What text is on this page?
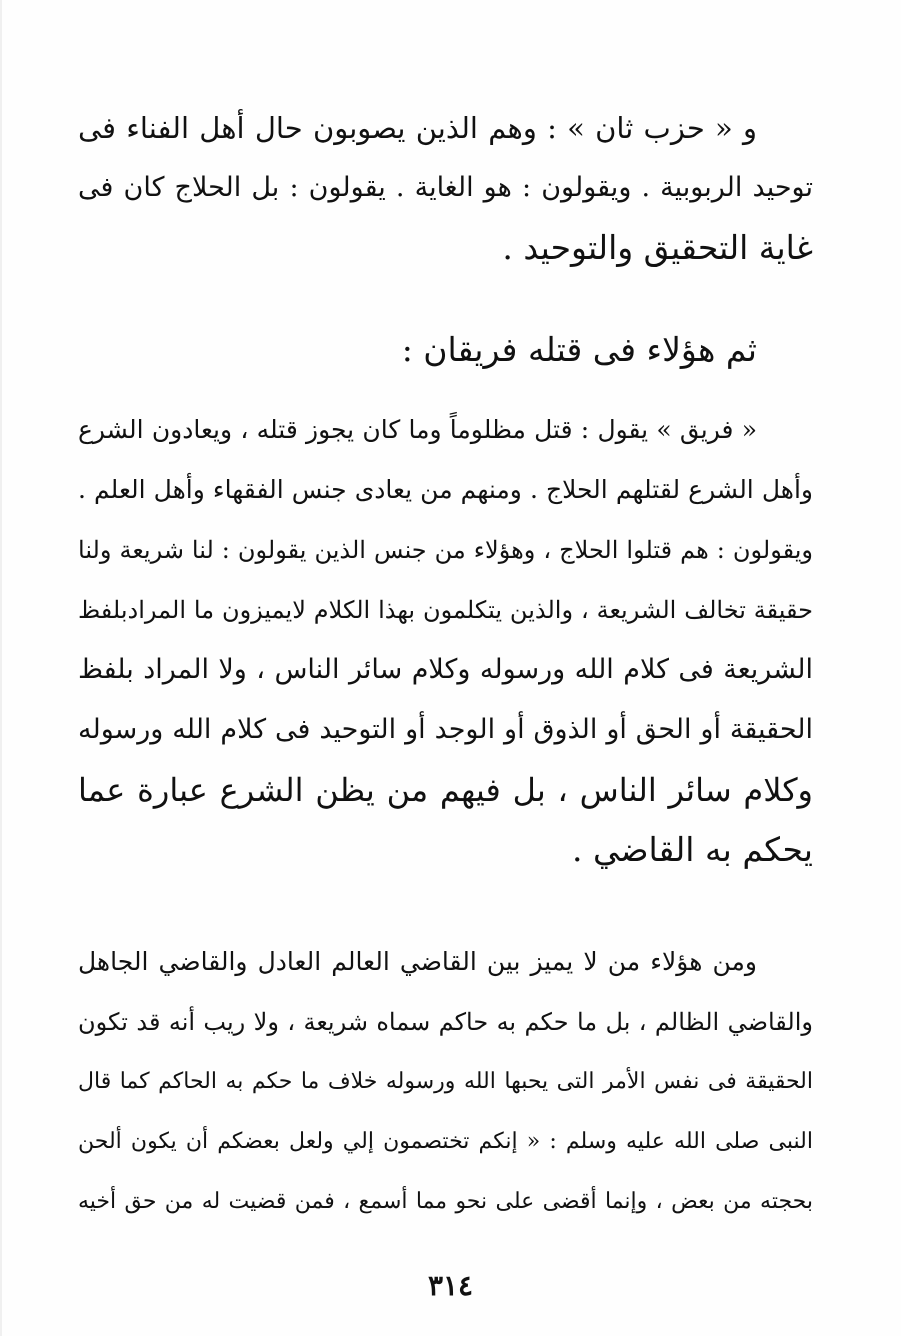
و « حزب ثان » : وهم الذين يصوبون حال أهل الفناء فى
توحيد الربوبية . ويقولون : هو الغاية . يقولون : بل الحلاج كان فى
غاية التحقيق والتوحيد .
ثم هؤلاء فى قتله فريقان :
« فريق » يقول : قتل مظلوماً وما كان يجوز قتله ، ويعادون الشرع
وأهل الشرع لقتلهم الحلاج . ومنهم من يعادى جنس الفقهاء وأهل العلم .
ويقولون : هم قتلوا الحلاج ، وهؤلاء من جنس الذين يقولون : لنا شريعة ولنا
حقيقة تخالف الشريعة ، والذين يتكلمون بهذا الكلام لايميزون ما المرادبلفظ
الشريعة فى كلام الله ورسوله وكلام سائر الناس ، ولا المراد بلفظ
الحقيقة أو الحق أو الذوق أو الوجد أو التوحيد فى كلام الله ورسوله
وكلام سائر الناس ، بل فيهم من يظن الشرع عبارة عما
يحكم به القاضي .
ومن هؤلاء من لا يميز بين القاضي العالم العادل والقاضي الجاهل
والقاضي الظالم ، بل ما حكم به حاكم سماه شريعة ، ولا ريب أنه قد تكون
الحقيقة فى نفس الأمر التى يحبها الله ورسوله خلاف ما حكم به الحاكم كما قال
النبى صلى الله عليه وسلم : « إنكم تختصمون إلي ولعل بعضكم أن يكون ألحن
بحجته من بعض ، وإنما أقضى على نحو مما أسمع ، فمن قضيت له من حق أخيه
٣١٤
